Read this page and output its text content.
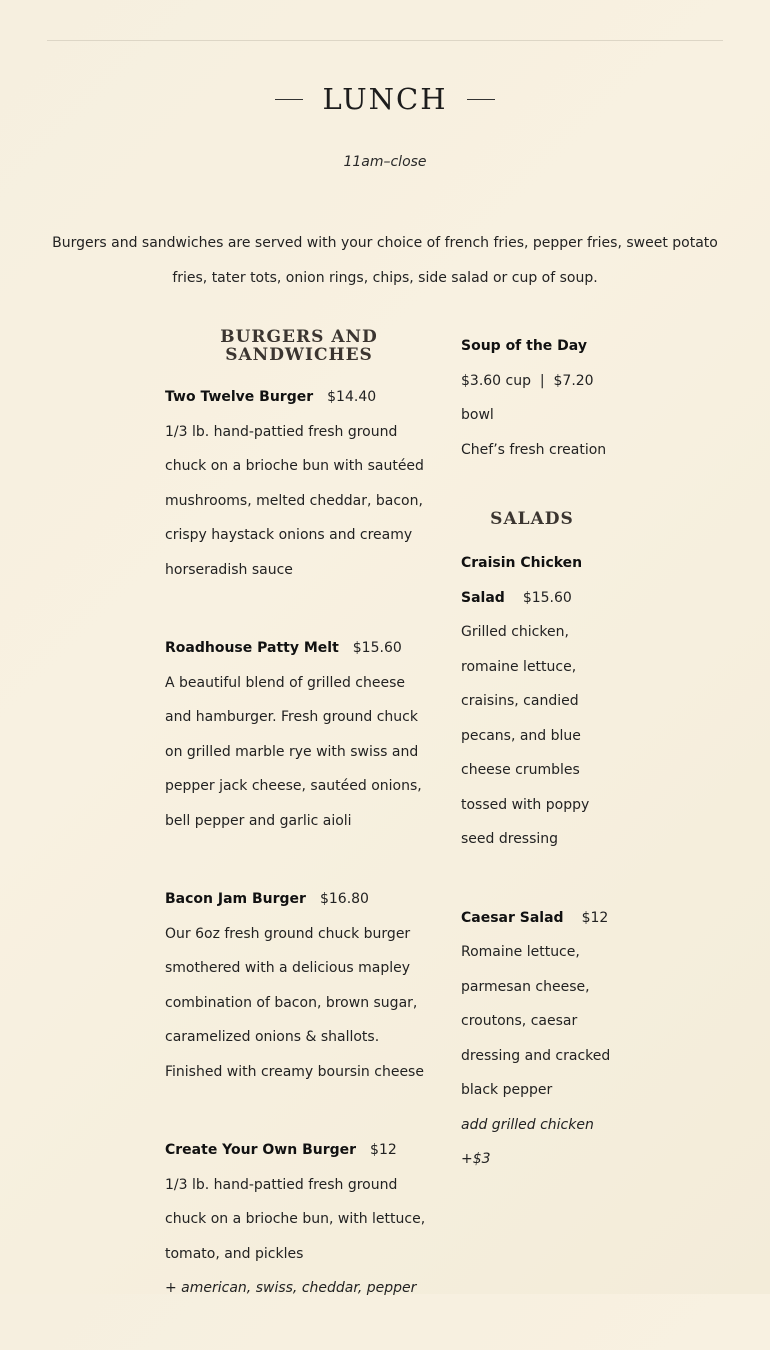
LUNCH
11am–close
Burgers and sandwiches are served with your choice of french fries, pepper fries, sweet potato fries, tater tots, onion rings, chips, side salad or cup of soup.
BURGERS AND SANDWICHES
Two Twelve Burger $14.40

1/3 lb. hand-pattied fresh ground chuck on a brioche bun with sautéed mushrooms, melted cheddar, bacon, crispy haystack onions and creamy horseradish sauce

Roadhouse Patty Melt $15.60

A beautiful blend of grilled cheese and hamburger. Fresh ground chuck on grilled marble rye with swiss and pepper jack cheese, sautéed onions, bell pepper and garlic aioli

Bacon Jam Burger $16.80

Our 6oz fresh ground chuck burger smothered with a delicious mapley combination of bacon, brown sugar, caramelized onions & shallots. Finished with creamy boursin cheese

Create Your Own Burger $12

1/3 lb. hand-pattied fresh ground chuck on a brioche bun, with lettuce, tomato, and pickles

+ american, swiss, cheddar, pepper
Soup of the Day
$3.60 cup  |  $7.20 bowl
Chef’s fresh creation
SALADS
Craisin Chicken Salad $15.60

Grilled chicken, romaine lettuce, craisins, candied pecans, and blue cheese crumbles tossed with poppy seed dressing

Caesar Salad $12

Romaine lettuce, parmesan cheese, croutons, caesar dressing and cracked black pepper

add grilled chicken +$3
